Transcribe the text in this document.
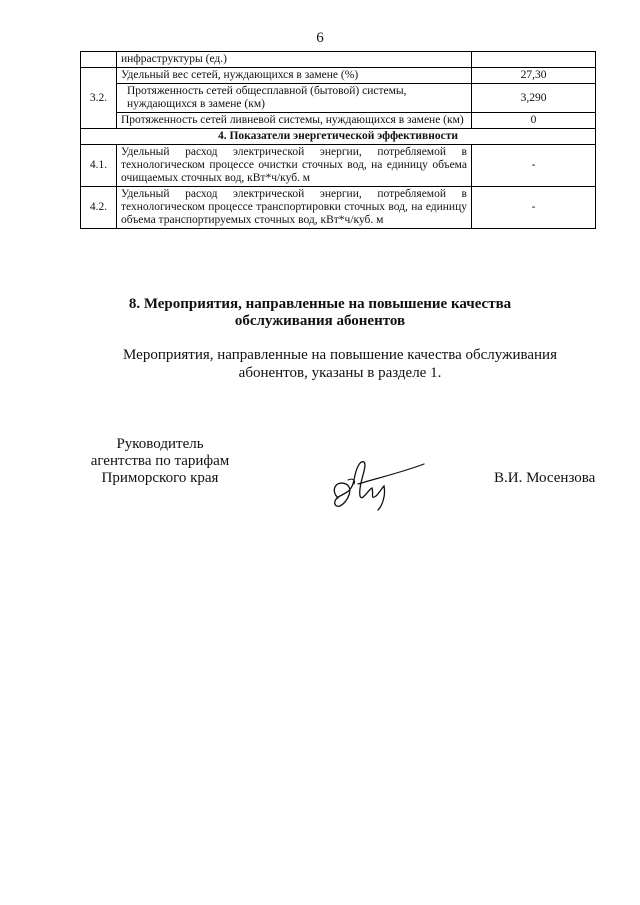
6
	инфраструктуры (ед.)	
3.2.	Удельный вес сетей, нуждающихся в замене (%)	27,30
	Протяженность сетей общесплавной (бытовой) системы, нуждающихся в замене (км)	3,290
	Протяженность сетей ливневой системы, нуждающихся в замене (км)	0
4. Показатели энергетической эффективности		
4.1.	Удельный расход электрической энергии, потребляемой в технологическом процессе очистки сточных вод, на единицу объема очищаемых сточных вод, кВт*ч/куб. м	-
4.2.	Удельный расход электрической энергии, потребляемой в технологическом процессе транспортировки сточных вод, на единицу объема транспортируемых сточных вод, кВт*ч/куб. м	-
8. Мероприятия, направленные на повышение качества
обслуживания абонентов
Мероприятия, направленные на повышение качества обслуживания
абонентов, указаны в разделе 1.
Руководитель
агентства по тарифам
Приморского края	В.И. Мосензова
